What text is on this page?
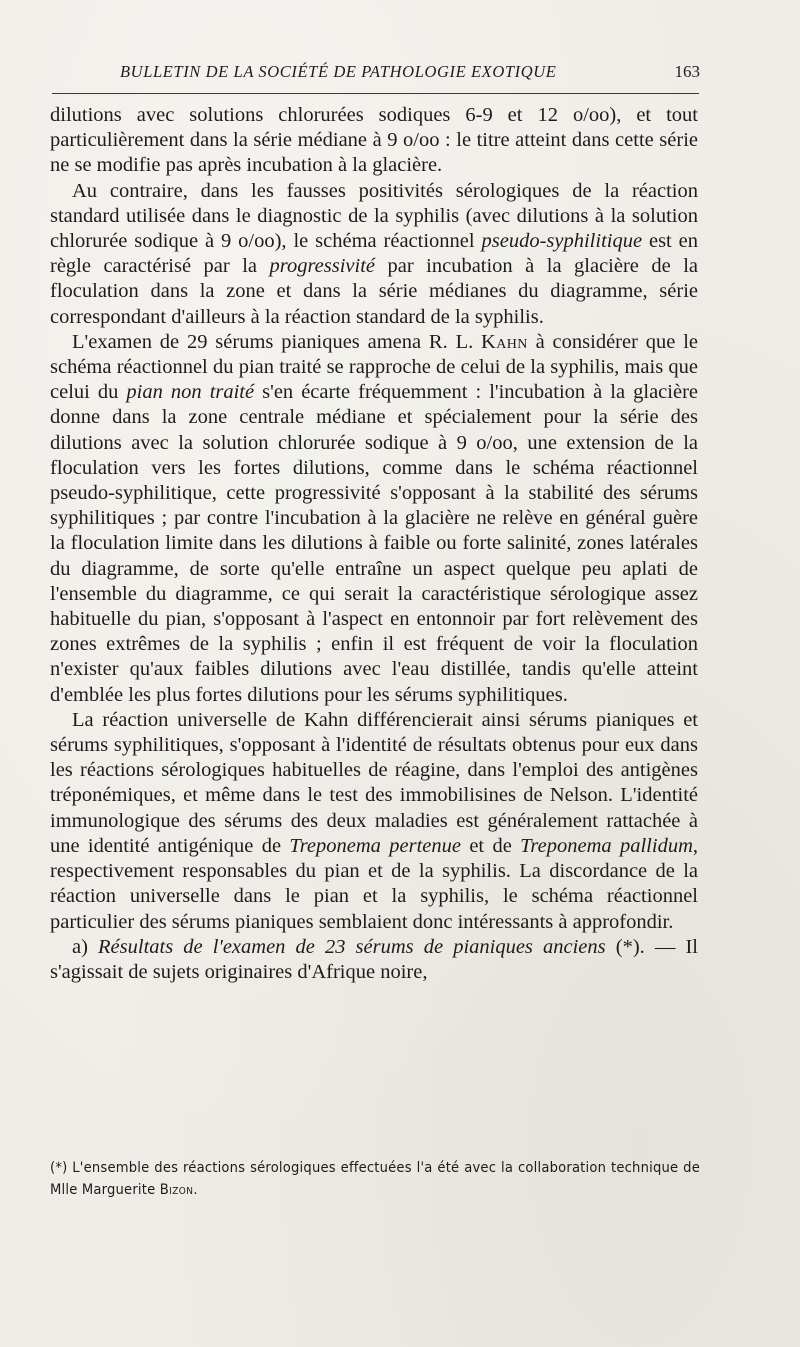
BULLETIN DE LA SOCIÉTÉ DE PATHOLOGIE EXOTIQUE	163

dilutions avec solutions chlorurées sodiques 6-9 et 12 o/oo), et tout particulièrement dans la série médiane à 9 o/oo : le titre atteint dans cette série ne se modifie pas après incubation à la glacière.

Au contraire, dans les fausses positivités sérologiques de la réaction standard utilisée dans le diagnostic de la syphilis (avec dilutions à la solution chlorurée sodique à 9 o/oo), le schéma réactionnel pseudo-syphilitique est en règle caractérisé par la progressivité par incubation à la glacière de la floculation dans la zone et dans la série médianes du diagramme, série correspondant d'ailleurs à la réaction standard de la syphilis.

L'examen de 29 sérums pianiques amena R. L. Kahn à considérer que le schéma réactionnel du pian traité se rapproche de celui de la syphilis, mais que celui du pian non traité s'en écarte fréquemment : l'incubation à la glacière donne dans la zone centrale médiane et spécialement pour la série des dilutions avec la solution chlorurée sodique à 9 o/oo, une extension de la floculation vers les fortes dilutions, comme dans le schéma réactionnel pseudo-syphilitique, cette progressivité s'opposant à la stabilité des sérums syphilitiques ; par contre l'incubation à la glacière ne relève en général guère la floculation limite dans les dilutions à faible ou forte salinité, zones latérales du diagramme, de sorte qu'elle entraîne un aspect quelque peu aplati de l'ensemble du diagramme, ce qui serait la caractéristique sérologique assez habituelle du pian, s'opposant à l'aspect en entonnoir par fort relèvement des zones extrêmes de la syphilis ; enfin il est fréquent de voir la floculation n'exister qu'aux faibles dilutions avec l'eau distillée, tandis qu'elle atteint d'emblée les plus fortes dilutions pour les sérums syphilitiques.

La réaction universelle de Kahn différencierait ainsi sérums pianiques et sérums syphilitiques, s'opposant à l'identité de résultats obtenus pour eux dans les réactions sérologiques habituelles de réagine, dans l'emploi des antigènes tréponémiques, et même dans le test des immobilisines de Nelson. L'identité immunologique des sérums des deux maladies est généralement rattachée à une identité antigénique de Treponema pertenue et de Treponema pallidum, respectivement responsables du pian et de la syphilis. La discordance de la réaction universelle dans le pian et la syphilis, le schéma réactionnel particulier des sérums pianiques semblaient donc intéressants à approfondir.

a) Résultats de l'examen de 23 sérums de pianiques anciens (*). — Il s'agissait de sujets originaires d'Afrique noire,

(*) L'ensemble des réactions sérologiques effectuées l'a été avec la collaboration technique de Mlle Marguerite Bizon.
